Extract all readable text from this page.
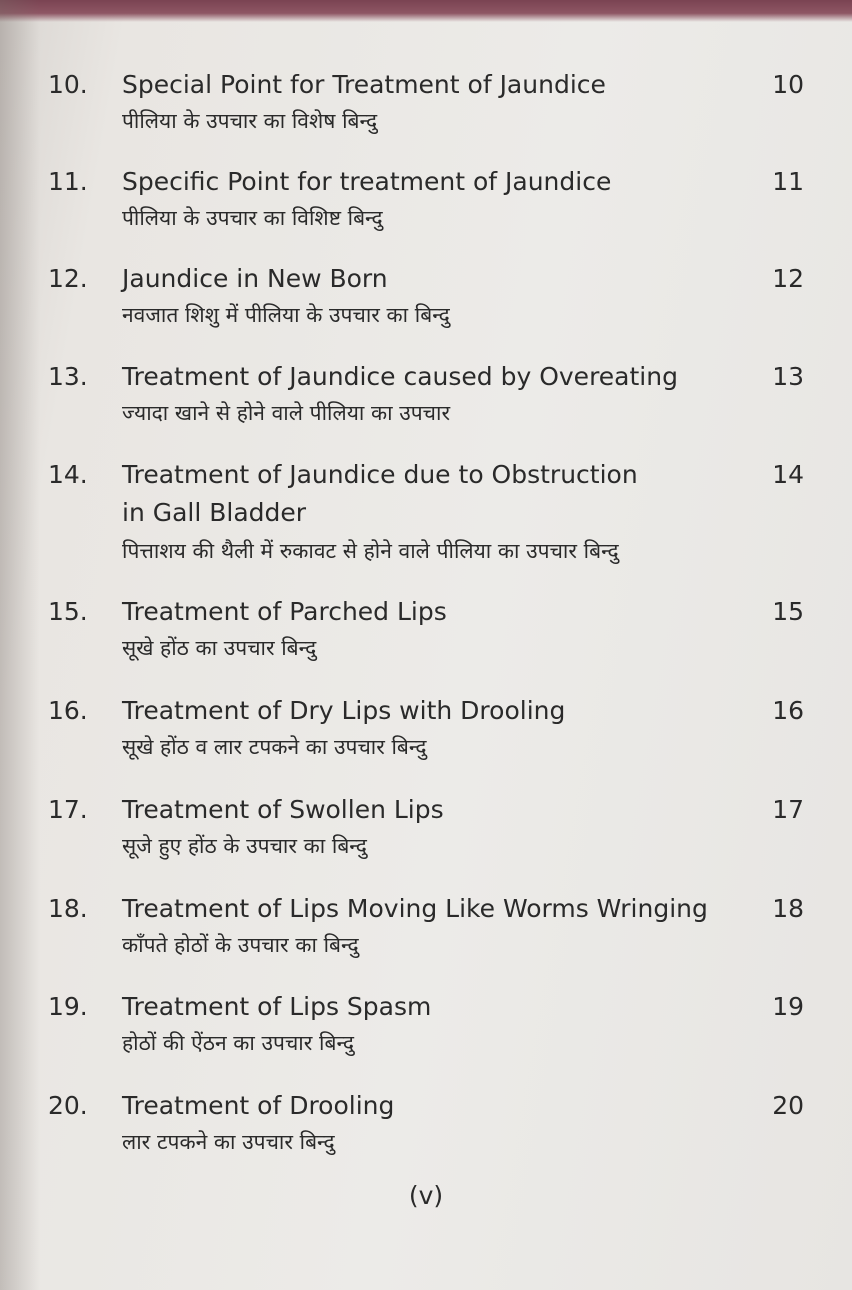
10. Special Point for Treatment of Jaundice
पीलिया के उपचार का विशेष बिन्दु
10
11. Specific Point for treatment of Jaundice
पीलिया के उपचार का विशिष्ट बिन्दु
11
12. Jaundice in New Born
नवजात शिशु में पीलिया के उपचार का बिन्दु
12
13. Treatment of Jaundice caused by Overeating
ज्यादा खाने से होने वाले पीलिया का उपचार
13
14. Treatment of Jaundice due to Obstruction
in Gall Bladder
पित्ताशय की थैली में रुकावट से होने वाले पीलिया का उपचार बिन्दु
14
15. Treatment of Parched Lips
सूखे होंठ का उपचार बिन्दु
15
16. Treatment of Dry Lips with Drooling
सूखे होंठ व लार टपकने का उपचार बिन्दु
16
17. Treatment of Swollen Lips
सूजे हुए होंठ के उपचार का बिन्दु
17
18. Treatment of Lips Moving Like Worms Wringing
काँपते होठों के उपचार का बिन्दु
18
19. Treatment of Lips Spasm
होठों की ऐंठन का उपचार बिन्दु
19
20. Treatment of Drooling
लार टपकने का उपचार बिन्दु
20
(v)
